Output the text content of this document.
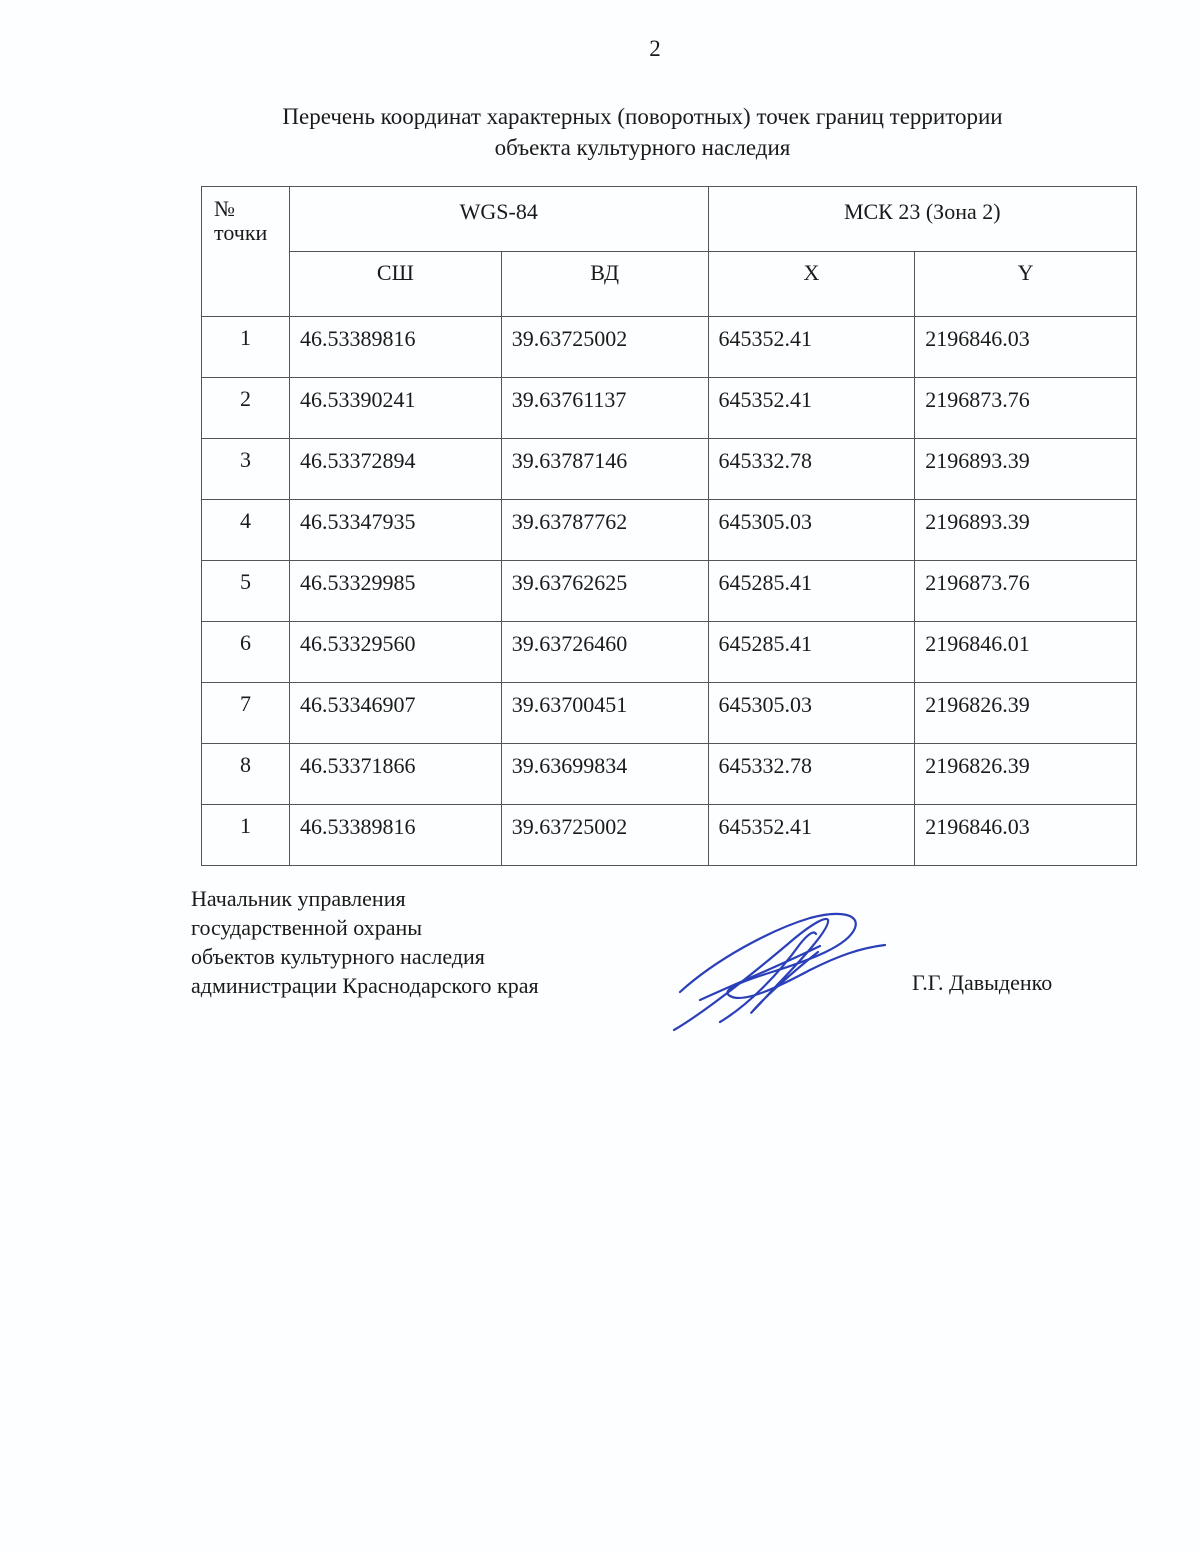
2
Перечень координат характерных (поворотных) точек границ территории
объекта культурного наследия
№
точки	WGS-84		МСК 23 (Зона 2)	
	СШ	ВД	X	Y
1	46.53389816	39.63725002	645352.41	2196846.03
2	46.53390241	39.63761137	645352.41	2196873.76
3	46.53372894	39.63787146	645332.78	2196893.39
4	46.53347935	39.63787762	645305.03	2196893.39
5	46.53329985	39.63762625	645285.41	2196873.76
6	46.53329560	39.63726460	645285.41	2196846.01
7	46.53346907	39.63700451	645305.03	2196826.39
8	46.53371866	39.63699834	645332.78	2196826.39
1	46.53389816	39.63725002	645352.41	2196846.03
Начальник управления
государственной охраны
объектов культурного наследия
администрации Краснодарского края	Г.Г. Давыденко
